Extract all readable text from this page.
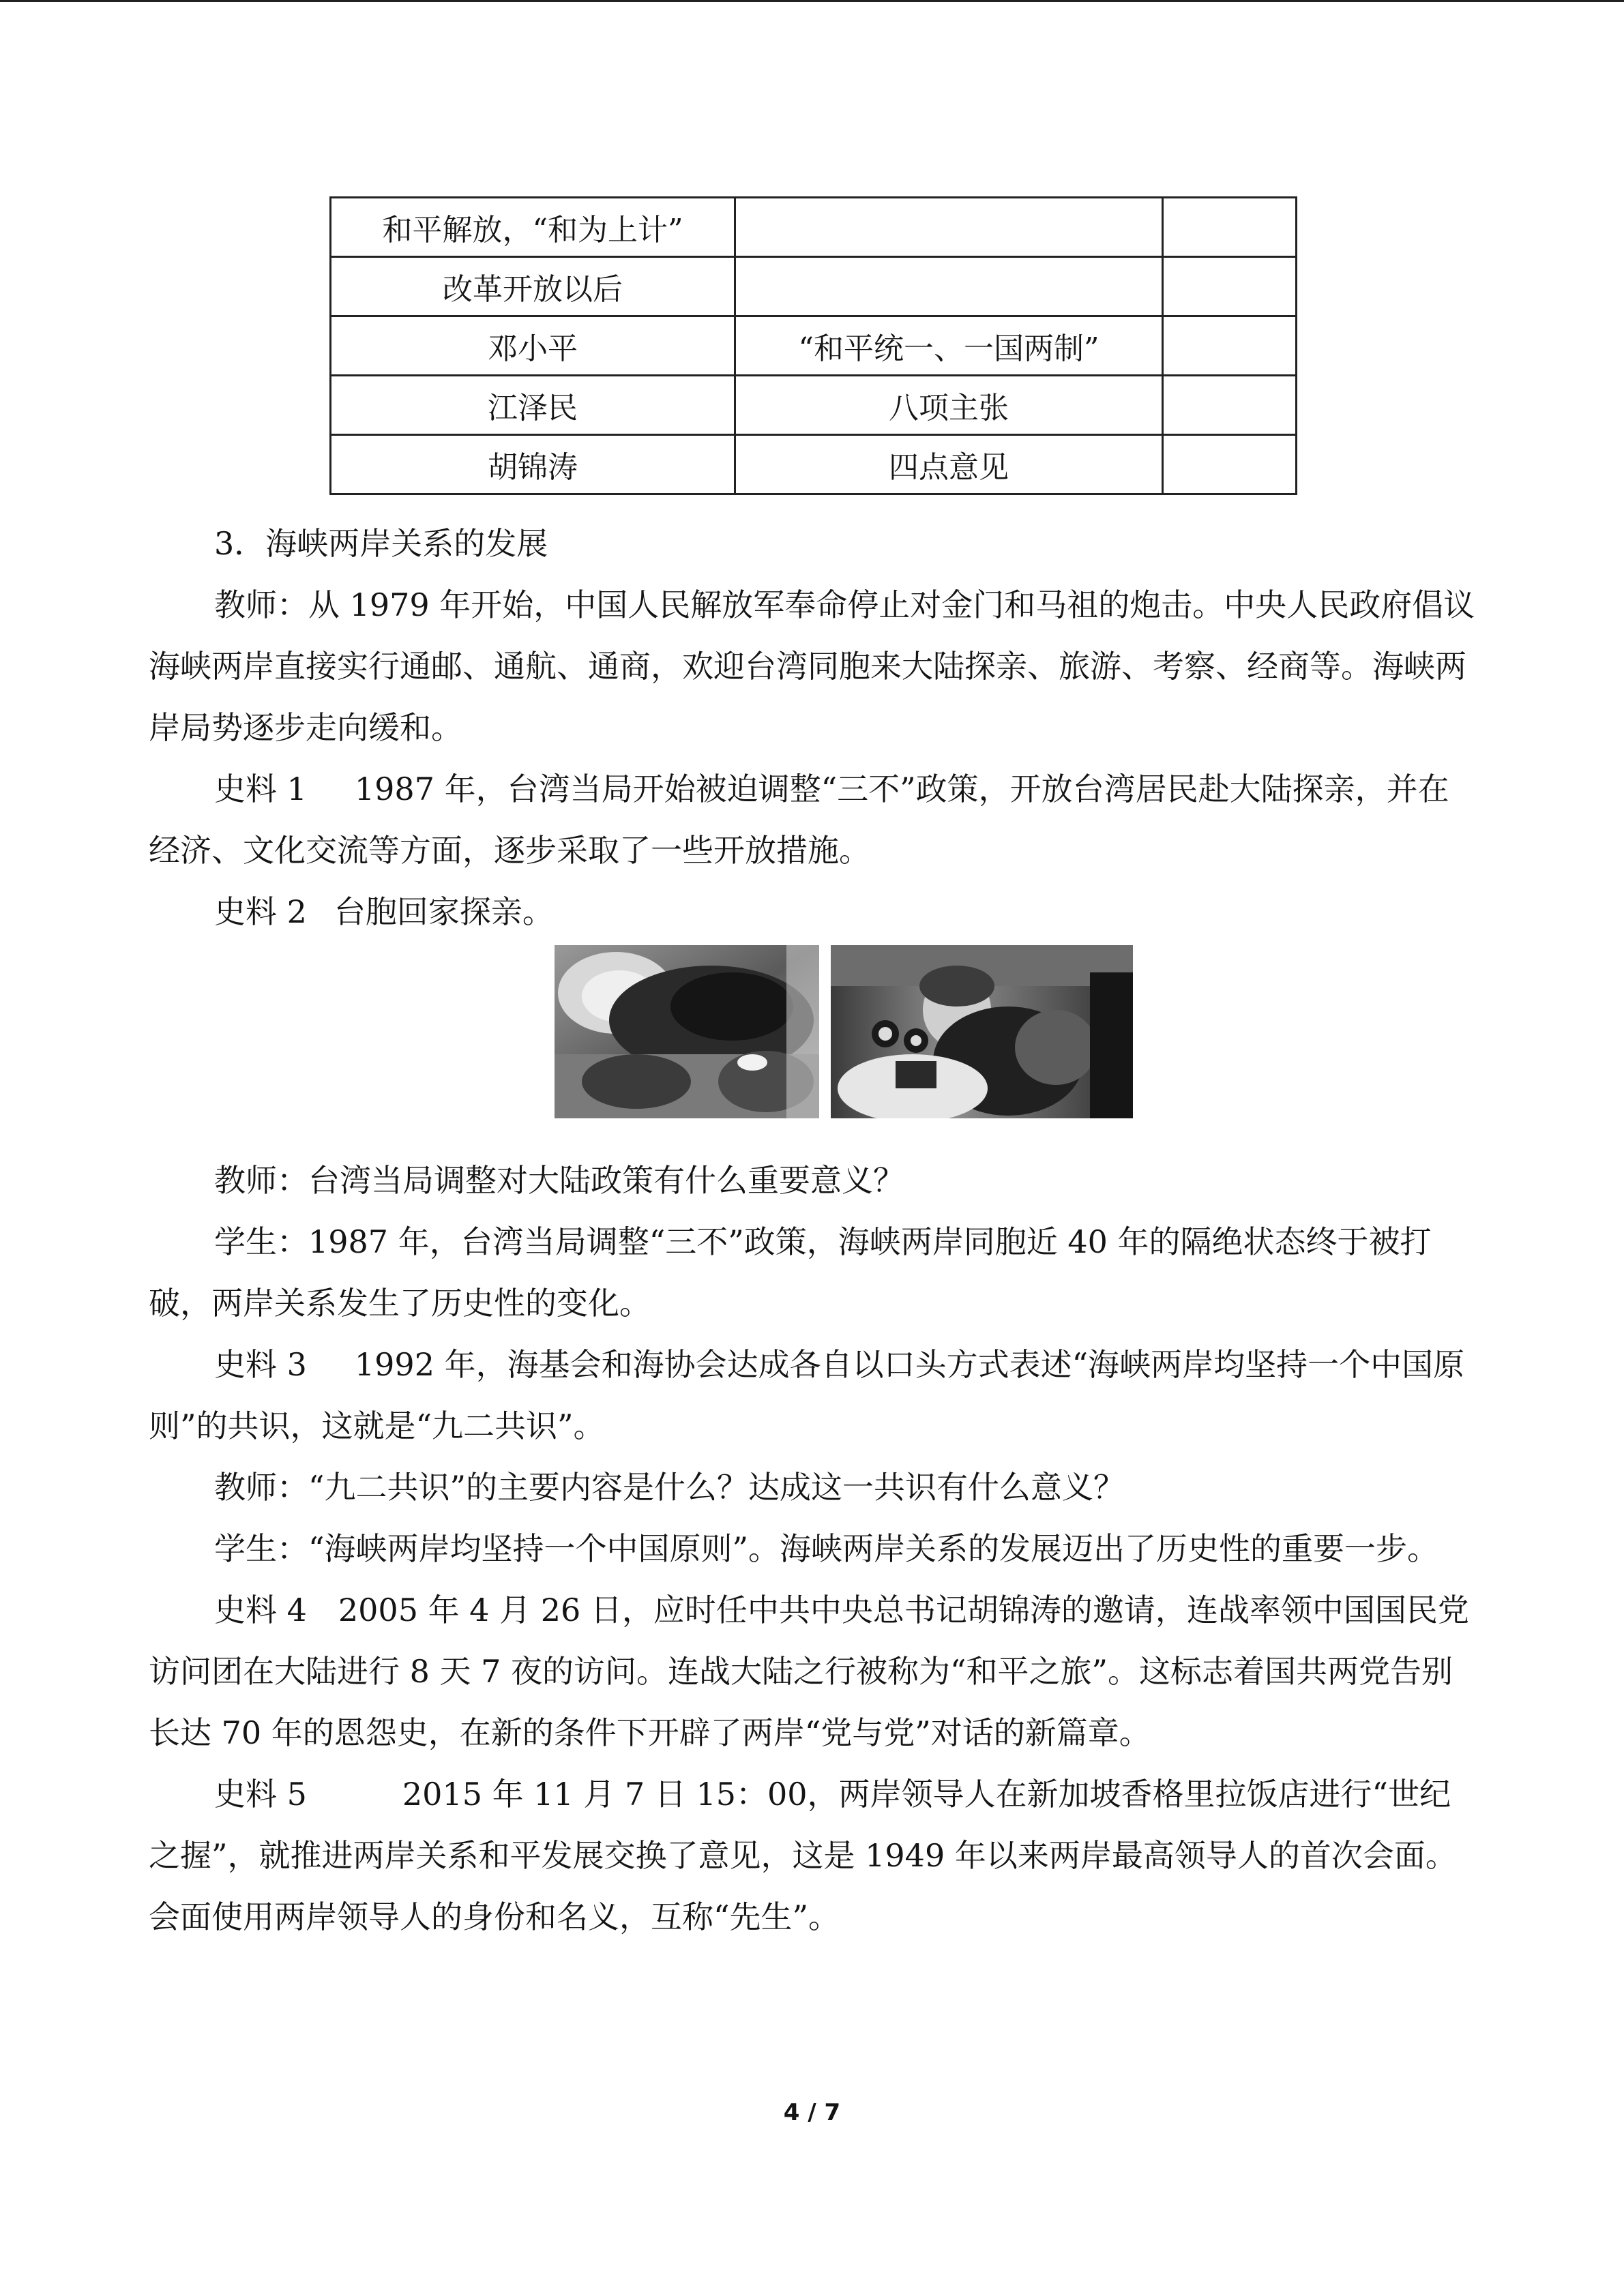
和平解放，“和为上计”		
改革开放以后		
邓小平	“和平统一、一国两制”	
江泽民	八项主张	
胡锦涛	四点意见	

3．海峡两岸关系的发展

教师：从 1979 年开始，中国人民解放军奉命停止对金门和马祖的炮击。中央人民政府倡议海峡两岸直接实行通邮、通航、通商，欢迎台湾同胞来大陆探亲、旅游、考察、经商等。海峡两岸局势逐步走向缓和。

史料 1 1987 年，台湾当局开始被迫调整“三不”政策，开放台湾居民赴大陆探亲，并在经济、文化交流等方面，逐步采取了一些开放措施。

史料 2 台胞回家探亲。

教师：台湾当局调整对大陆政策有什么重要意义？

学生：1987 年，台湾当局调整“三不”政策，海峡两岸同胞近 40 年的隔绝状态终于被打破，两岸关系发生了历史性的变化。

史料 3 1992 年，海基会和海协会达成各自以口头方式表述“海峡两岸均坚持一个中国原则”的共识，这就是“九二共识”。

教师：“九二共识”的主要内容是什么？达成这一共识有什么意义？

学生：“海峡两岸均坚持一个中国原则”。海峡两岸关系的发展迈出了历史性的重要一步。

史料 4 2005 年 4 月 26 日，应时任中共中央总书记胡锦涛的邀请，连战率领中国国民党访问团在大陆进行 8 天 7 夜的访问。连战大陆之行被称为“和平之旅”。这标志着国共两党告别长达 70 年的恩怨史，在新的条件下开辟了两岸“党与党”对话的新篇章。

史料 5	2015 年 11 月 7 日 15：00，两岸领导人在新加坡香格里拉饭店进行“世纪之握”，就推进两岸关系和平发展交换了意见，这是 1949 年以来两岸最高领导人的首次会面。会面使用两岸领导人的身份和名义，互称“先生”。

4 / 7
